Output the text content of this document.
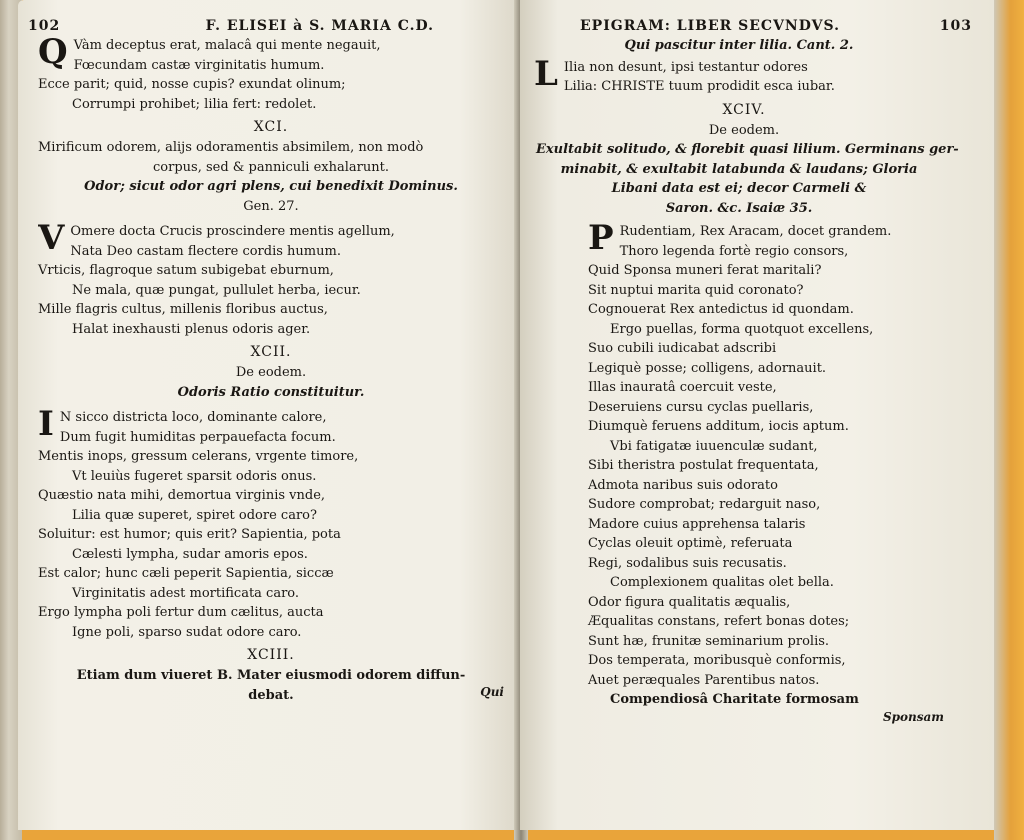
102	F. ELISEI à S. MARIA C.D.
Q Vàm deceptus erat, malacâ qui mente negauit,
Fœcundam castæ virginitatis humum.
Ecce parit; quid, nosse cupis? exundat olinum;
Corrumpi prohibet; lilia fert: redolet.
XCI.
Mirificum odorem, alijs odoramentis absimilem, non modò
corpus, sed & panniculi exhalarunt.
Odor; sicut odor agri plens, cui benedixit Dominus.
Gen. 27.
V Omere docta Crucis proscindere mentis agellum,
Nata Deo castam flectere cordis humum.
Vrticis, flagroque satum subigebat eburnum,
Ne mala, quæ pungat, pullulet herba, iecur.
Mille flagris cultus, millenis floribus auctus,
Halat inexhausti plenus odoris ager.
XCII.
De eodem.
Odoris Ratio constituitur.
I N sicco districta loco, dominante calore,
Dum fugit humiditas perpauefacta focum.
Mentis inops, gressum celerans, vrgente timore,
Vt leuiùs fugeret sparsit odoris onus.
Quæstio nata mihi, demortua virginis vnde,
Lilia quæ superet, spiret odore caro?
Soluitur: est humor; quis erit? Sapientia, pota
Cælesti lympha, sudar amoris epos.
Est calor; hunc cæli peperit Sapientia, siccæ
Virginitatis adest mortificata caro.
Ergo lympha poli fertur dum cælitus, aucta
Igne poli, sparso sudat odore caro.
XCIII.
Etiam dum viueret B. Mater eiusmodi odorem diffun-
debat.	Qui
EPIGRAM: LIBER SECVNDVS.	103
Qui pascitur inter lilia. Cant. 2.
L Ilia non desunt, ipsi testantur odores
Lilia: CHRISTE tuum prodidit esca iubar.
XCIV.
De eodem.
Exultabit solitudo, & florebit quasi lilium. Germinans ger-
minabit, & exultabit latabunda & laudans; Gloria
Libani data est ei; decor Carmeli &
Saron. &c. Isaiæ 35.
P Rudentiam, Rex Aracam, docet grandem.
Thoro legenda fortè regio consors,
Quid Sponsa muneri ferat maritali?
Sit nuptui marita quid coronato?
Cognouerat Rex antedictus id quondam.
Ergo puellas, forma quotquot excellens,
Suo cubili iudicabat adscribi
Legiquè posse; colligens, adornauit.
Illas inauratâ coercuit veste,
Deseruiens cursu cyclas puellaris,
Diumquè feruens additum, iocis aptum.
Vbi fatigatæ iuuenculæ sudant,
Sibi theristra postulat frequentata,
Admota naribus suis odorato
Sudore comprobat; redarguit naso,
Madore cuius apprehensa talaris
Cyclas oleuit optimè, referuata
Regi, sodalibus suis recusatis.
Complexionem qualitas olet bella.
Odor figura qualitatis æqualis,
Æqualitas constans, refert bonas dotes;
Sunt hæ, frunitæ seminarium prolis.
Dos temperata, moribusquè conformis,
Auet peræquales Parentibus natos.
Compendiosâ Charitate formosam
Sponsam
